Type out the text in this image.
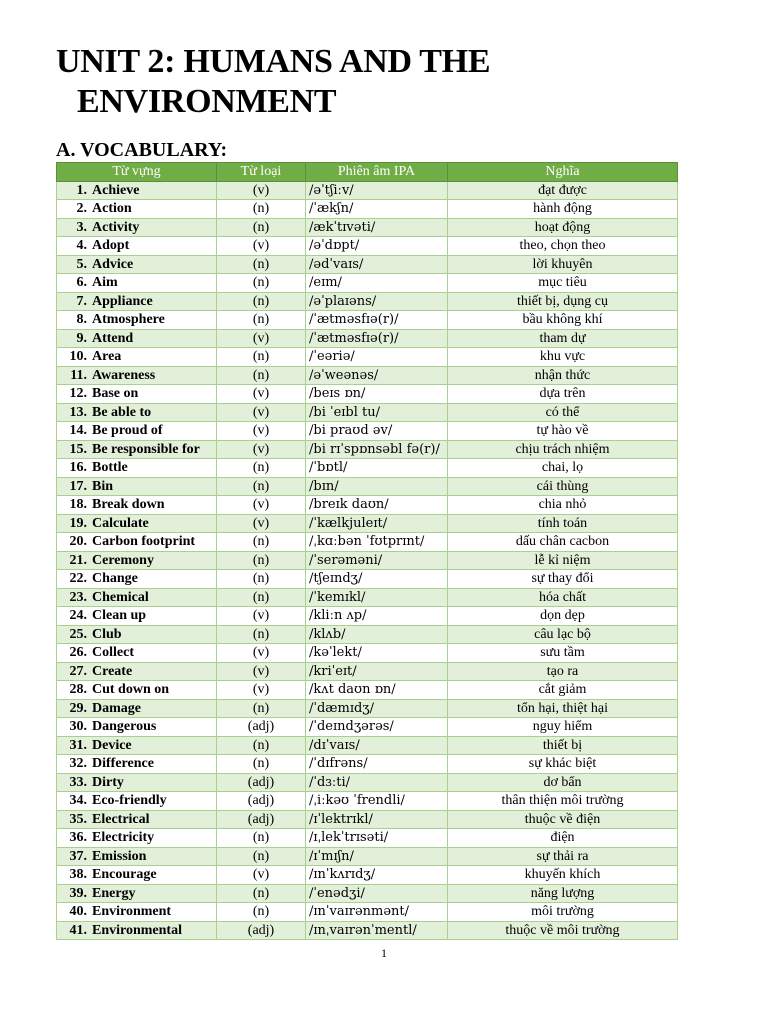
UNIT 2: HUMANS AND THE
ENVIRONMENT
A. VOCABULARY:
Từ vựng	Từ loại	Phiên âm IPA	Nghĩa
1. Achieve	(v)	/əˈtʃiːv/	đạt được
2. Action	(n)	/ˈækʃn/	hành động
3. Activity	(n)	/ækˈtɪvəti/	hoạt động
4. Adopt	(v)	/əˈdɒpt/	theo, chọn theo
5. Advice	(n)	/ədˈvaɪs/	lời khuyên
6. Aim	(n)	/eɪm/	mục tiêu
7. Appliance	(n)	/əˈplaɪəns/	thiết bị, dụng cụ
8. Atmosphere	(n)	/ˈætməsfɪə(r)/	bầu không khí
9. Attend	(v)	/ˈætməsfɪə(r)/	tham dự
10. Area	(n)	/ˈeəriə/	khu vực
11. Awareness	(n)	/əˈweənəs/	nhận thức
12. Base on	(v)	/beɪs ɒn/	dựa trên
13. Be able to	(v)	/bi ˈeɪbl tu/	có thể
14. Be proud of	(v)	/bi praʊd əv/	tự hào về
15. Be responsible for	(v)	/bi rɪˈspɒnsəbl fə(r)/	chịu trách nhiệm
16. Bottle	(n)	/ˈbɒtl/	chai, lọ
17. Bin	(n)	/bɪn/	cái thùng
18. Break down	(v)	/breɪk daʊn/	chia nhỏ
19. Calculate	(v)	/ˈkælkjuleɪt/	tính toán
20. Carbon footprint	(n)	/ˌkɑːbən ˈfʊtprɪnt/	dấu chân cacbon
21. Ceremony	(n)	/ˈserəməni/	lễ kỉ niệm
22. Change	(n)	/tʃeɪndʒ/	sự thay đổi
23. Chemical	(n)	/ˈkemɪkl/	hóa chất
24. Clean up	(v)	/kliːn ʌp/	dọn dẹp
25. Club	(n)	/klʌb/	câu lạc bộ
26. Collect	(v)	/kəˈlekt/	sưu tầm
27. Create	(v)	/kriˈeɪt/	tạo ra
28. Cut down on	(v)	/kʌt daʊn ɒn/	cắt giảm
29. Damage	(n)	/ˈdæmɪdʒ/	tổn hại, thiệt hại
30. Dangerous	(adj)	/ˈdeɪndʒərəs/	nguy hiểm
31. Device	(n)	/dɪˈvaɪs/	thiết bị
32. Difference	(n)	/ˈdɪfrəns/	sự khác biệt
33. Dirty	(adj)	/ˈdɜːti/	dơ bẩn
34. Eco-friendly	(adj)	/ˌiːkəʊ ˈfrendli/	thân thiện môi trường
35. Electrical	(adj)	/ɪˈlektrɪkl/	thuộc về điện
36. Electricity	(n)	/ɪˌlekˈtrɪsəti/	điện
37. Emission	(n)	/ɪˈmɪʃn/	sự thải ra
38. Encourage	(v)	/ɪnˈkʌrɪdʒ/	khuyến khích
39. Energy	(n)	/ˈenədʒi/	năng lượng
40. Environment	(n)	/ɪnˈvaɪrənmənt/	môi trường
41. Environmental	(adj)	/ɪnˌvaɪrənˈmentl/	thuộc về môi trường
1
